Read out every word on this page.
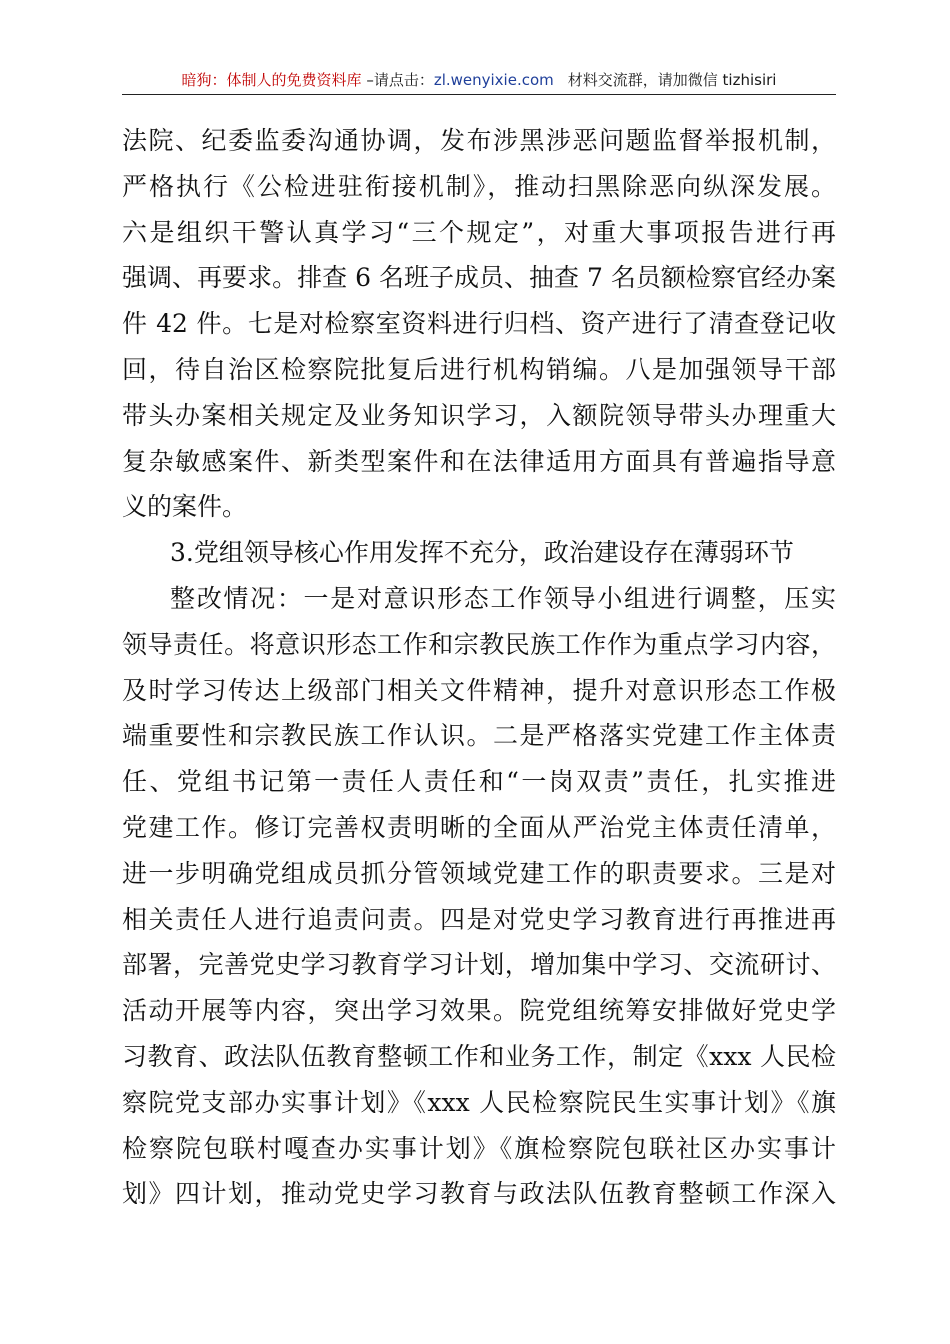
暗狗：体制人的免费资料库 –请点击：zl.wenyixie.com 材料交流群，请加微信 tizhisiri
法院、纪委监委沟通协调，发布涉黑涉恶问题监督举报机制，
严格执行《公检进驻衔接机制》，推动扫黑除恶向纵深发展。
六是组织干警认真学习“三个规定”，对重大事项报告进行再
强调、再要求。排查 6 名班子成员、抽查 7 名员额检察官经办案
件 42 件。七是对检察室资料进行归档、资产进行了清查登记收
回，待自治区检察院批复后进行机构销编。八是加强领导干部
带头办案相关规定及业务知识学习，入额院领导带头办理重大
复杂敏感案件、新类型案件和在法律适用方面具有普遍指导意
义的案件。
3.党组领导核心作用发挥不充分，政治建设存在薄弱环节
整改情况：一是对意识形态工作领导小组进行调整，压实
领导责任。将意识形态工作和宗教民族工作作为重点学习内容，
及时学习传达上级部门相关文件精神，提升对意识形态工作极
端重要性和宗教民族工作认识。二是严格落实党建工作主体责
任、党组书记第一责任人责任和“一岗双责”责任，扎实推进
党建工作。修订完善权责明晰的全面从严治党主体责任清单，
进一步明确党组成员抓分管领域党建工作的职责要求。三是对
相关责任人进行追责问责。四是对党史学习教育进行再推进再
部署，完善党史学习教育学习计划，增加集中学习、交流研讨、
活动开展等内容，突出学习效果。院党组统筹安排做好党史学
习教育、政法队伍教育整顿工作和业务工作，制定《xxx 人民检
察院党支部办实事计划》《xxx 人民检察院民生实事计划》《旗
检察院包联村嘎查办实事计划》《旗检察院包联社区办实事计
划》四计划，推动党史学习教育与政法队伍教育整顿工作深入
